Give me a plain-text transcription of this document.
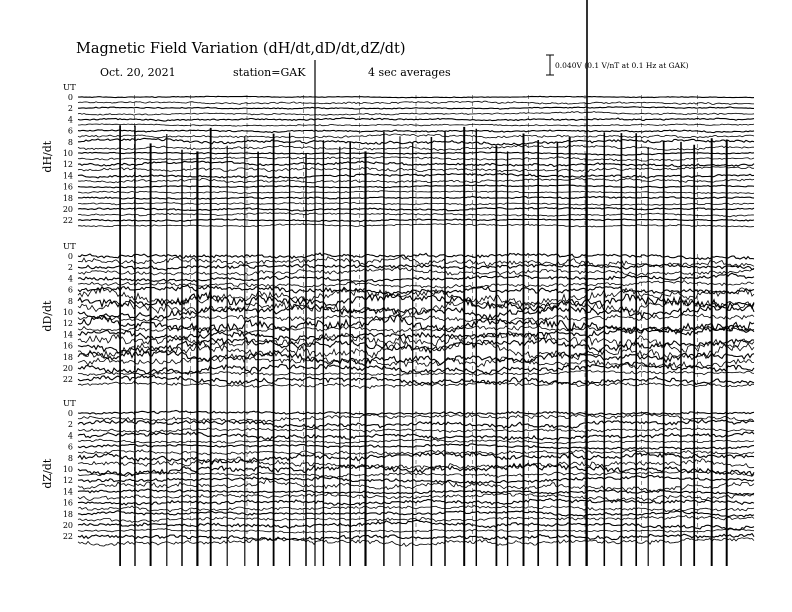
Magnetic Field Variation (dH/dt,dD/dt,dZ/dt)
Oct. 20, 2021	station=GAK	4 sec averages
0.040V (0.1 V/nT at 0.1 Hz at GAK)
UT
dH/dt
0
2
4
6
8
10
12
14
16
18
20
22
UT
dD/dt
0
2
4
6
8
10
12
14
16
18
20
22
UT
dZ/dt
0
2
4
6
8
10
12
14
16
18
20
22
